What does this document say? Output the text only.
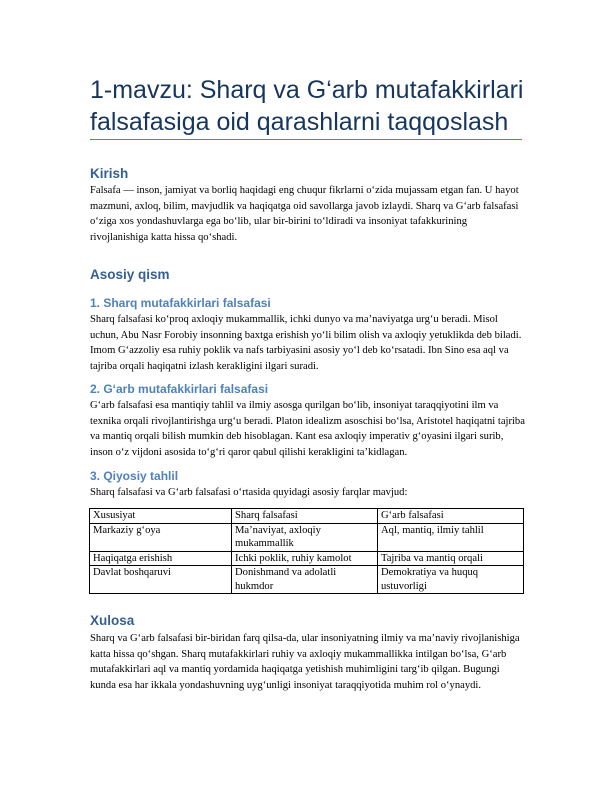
1-mavzu: Sharq va G‘arb mutafakkirlari falsafasiga oid qarashlarni taqqoslash
Kirish

Falsafa — inson, jamiyat va borliq haqidagi eng chuqur fikrlarni o‘zida mujassam etgan fan. U hayot mazmuni, axloq, bilim, mavjudlik va haqiqatga oid savollarga javob izlaydi. Sharq va G‘arb falsafasi o‘ziga xos yondashuvlarga ega bo‘lib, ular bir-birini to‘ldiradi va insoniyat tafakkurining rivojlanishiga katta hissa qo‘shadi.

Asosiy qism
1. Sharq mutafakkirlari falsafasi

Sharq falsafasi ko‘proq axloqiy mukammallik, ichki dunyo va ma’naviyatga urg‘u beradi. Misol uchun, Abu Nasr Forobiy insonning baxtga erishish yo‘li bilim olish va axloqiy yetuklikda deb biladi. Imom G‘azzoliy esa ruhiy poklik va nafs tarbiyasini asosiy yo‘l deb ko‘rsatadi. Ibn Sino esa aql va tajriba orqali haqiqatni izlash kerakligini ilgari suradi.

2. G‘arb mutafakkirlari falsafasi

G‘arb falsafasi esa mantiqiy tahlil va ilmiy asosga qurilgan bo‘lib, insoniyat taraqqiyotini ilm va texnika orqali rivojlantirishga urg‘u beradi. Platon idealizm asoschisi bo‘lsa, Aristotel haqiqatni tajriba va mantiq orqali bilish mumkin deb hisoblagan. Kant esa axloqiy imperativ g‘oyasini ilgari surib, inson o‘z vijdoni asosida to‘g‘ri qaror qabul qilishi kerakligini ta’kidlagan.

3. Qiyosiy tahlil

Sharq falsafasi va G‘arb falsafasi o‘rtasida quyidagi asosiy farqlar mavjud:

Xususiyat	Sharq falsafasi	G‘arb falsafasi
Markaziy g‘oya	Ma’naviyat, axloqiy mukammallik	Aql, mantiq, ilmiy tahlil
Haqiqatga erishish	Ichki poklik, ruhiy kamolot	Tajriba va mantiq orqali
Davlat boshqaruvi	Donishmand va adolatli hukmdor	Demokratiya va huquq ustuvorligi
Xulosa

Sharq va G‘arb falsafasi bir-biridan farq qilsa-da, ular insoniyatning ilmiy va ma’naviy rivojlanishiga katta hissa qo‘shgan. Sharq mutafakkirlari ruhiy va axloqiy mukammallikka intilgan bo‘lsa, G‘arb mutafakkirlari aql va mantiq yordamida haqiqatga yetishish muhimligini targ‘ib qilgan. Bugungi kunda esa har ikkala yondashuvning uyg‘unligi insoniyat taraqqiyotida muhim rol o‘ynaydi.
